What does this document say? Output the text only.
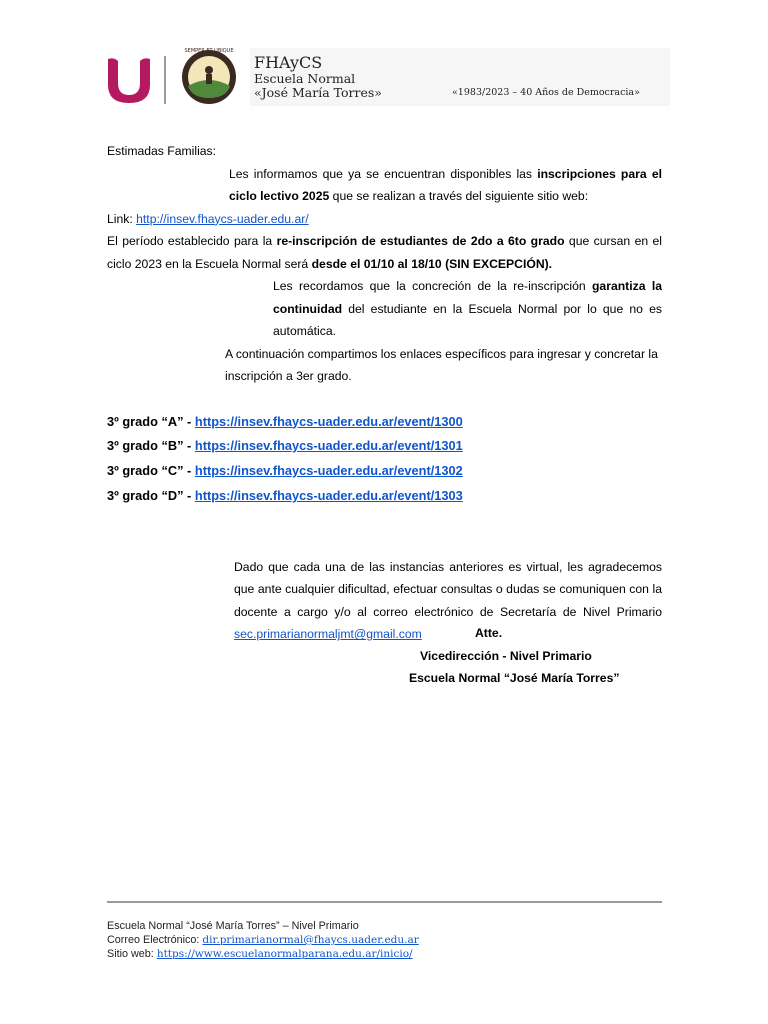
SEMPER ET UBIQUE
FHAyCS
Escuela Normal
«José María Torres»	«1983/2023 – 40 Años de Democracia»

Estimadas Familias:

Les informamos que ya se encuentran disponibles las inscripciones para el ciclo lectivo 2025 que se realizan a través del siguiente sitio web:

Link: http://insev.fhaycs-uader.edu.ar/

El período establecido para la re-inscripción de estudiantes de 2do a 6to grado que cursan en el ciclo 2023 en la Escuela Normal será desde el 01/10 al 18/10 (SIN EXCEPCIÓN).

Les recordamos que la concreción de la re-inscripción garantiza la continuidad del estudiante en la Escuela Normal por lo que no es automática.

A continuación compartimos los enlaces específicos para ingresar y concretar la inscripción a 3er grado.

3º grado “A” - https://insev.fhaycs-uader.edu.ar/event/1300
3º grado “B” - https://insev.fhaycs-uader.edu.ar/event/1301
3º grado “C” - https://insev.fhaycs-uader.edu.ar/event/1302
3º grado “D” - https://insev.fhaycs-uader.edu.ar/event/1303

Dado que cada una de las instancias anteriores es virtual, les agradecemos que ante cualquier dificultad, efectuar consultas o dudas se comuniquen con la docente a cargo y/o al correo electrónico de Secretaría de Nivel Primario sec.primarianormaljmt@gmail.com	Atte.
Vicedirección - Nivel Primario
Escuela Normal “José María Torres”
Escuela Normal “José María Torres” – Nivel Primario
Correo Electrónico: dir.primarianormal@fhaycs.uader.edu.ar
Sitio web: https://www.escuelanormalparana.edu.ar/inicio/
